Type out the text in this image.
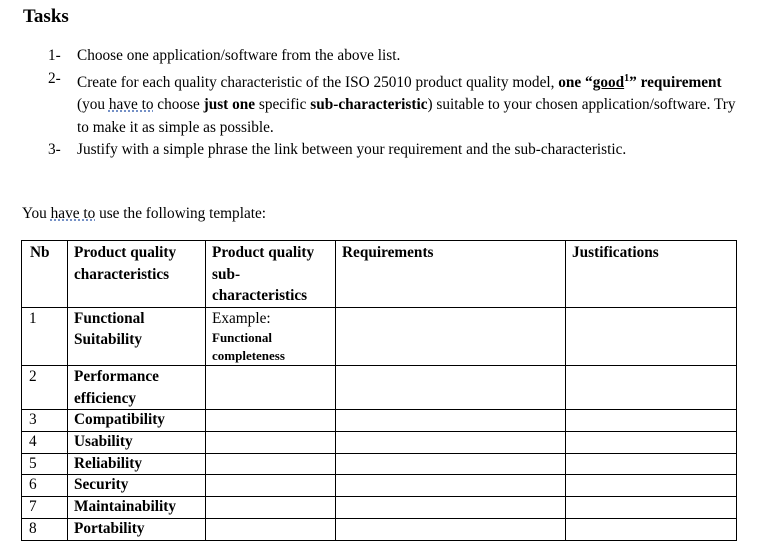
Tasks
1- Choose one application/software from the above list.
2- Create for each quality characteristic of the ISO 25010 product quality model, one “good$^1$” requirement (you have to choose just one specific sub-characteristic) suitable to your chosen application/software. Try to make it as simple as possible.
3- Justify with a simple phrase the link between your requirement and the sub-characteristic.
You have to use the following template:
Nb	Product quality characteristics	Product quality sub-characteristics	Requirements	Justifications
1	Functional Suitability	Example:
Functional completeness		

2	Performance efficiency			
3	Compatibility			
4	Usability			
5	Reliability			
6	Security			
7	Maintainability			
8	Portability			
